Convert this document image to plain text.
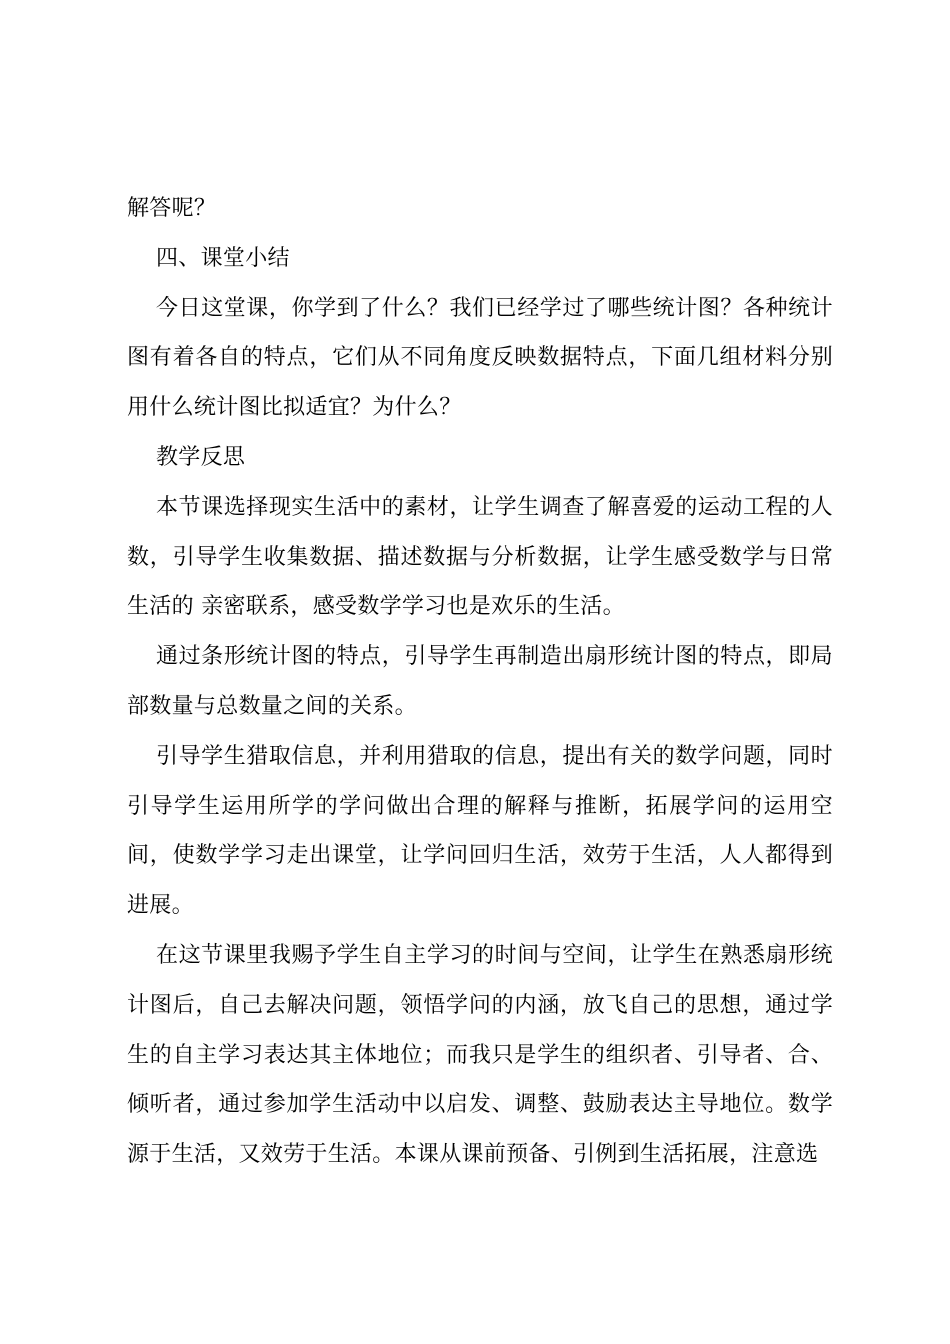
解答呢？

四、课堂小结

今日这堂课，你学到了什么？我们已经学过了哪些统计图？各种统计图有着各自的特点，它们从不同角度反映数据特点，下面几组材料分别用什么统计图比拟适宜？为什么？

教学反思

本节课选择现实生活中的素材，让学生调查了解喜爱的运动工程的人数，引导学生收集数据、描述数据与分析数据，让学生感受数学与日常生活的 亲密联系，感受数学学习也是欢乐的生活。

通过条形统计图的特点，引导学生再制造出扇形统计图的特点，即局部数量与总数量之间的关系。

引导学生猎取信息，并利用猎取的信息，提出有关的数学问题，同时引导学生运用所学的学问做出合理的解释与推断，拓展学问的运用空间，使数学学习走出课堂，让学问回归生活，效劳于生活，人人都得到进展。

在这节课里我赐予学生自主学习的时间与空间，让学生在熟悉扇形统计图后，自己去解决问题，领悟学问的内涵，放飞自己的思想，通过学生的自主学习表达其主体地位；而我只是学生的组织者、引导者、合、倾听者，通过参加学生活动中以启发、调整、鼓励表达主导地位。数学源于生活，又效劳于生活。本课从课前预备、引例到生活拓展，注意选
